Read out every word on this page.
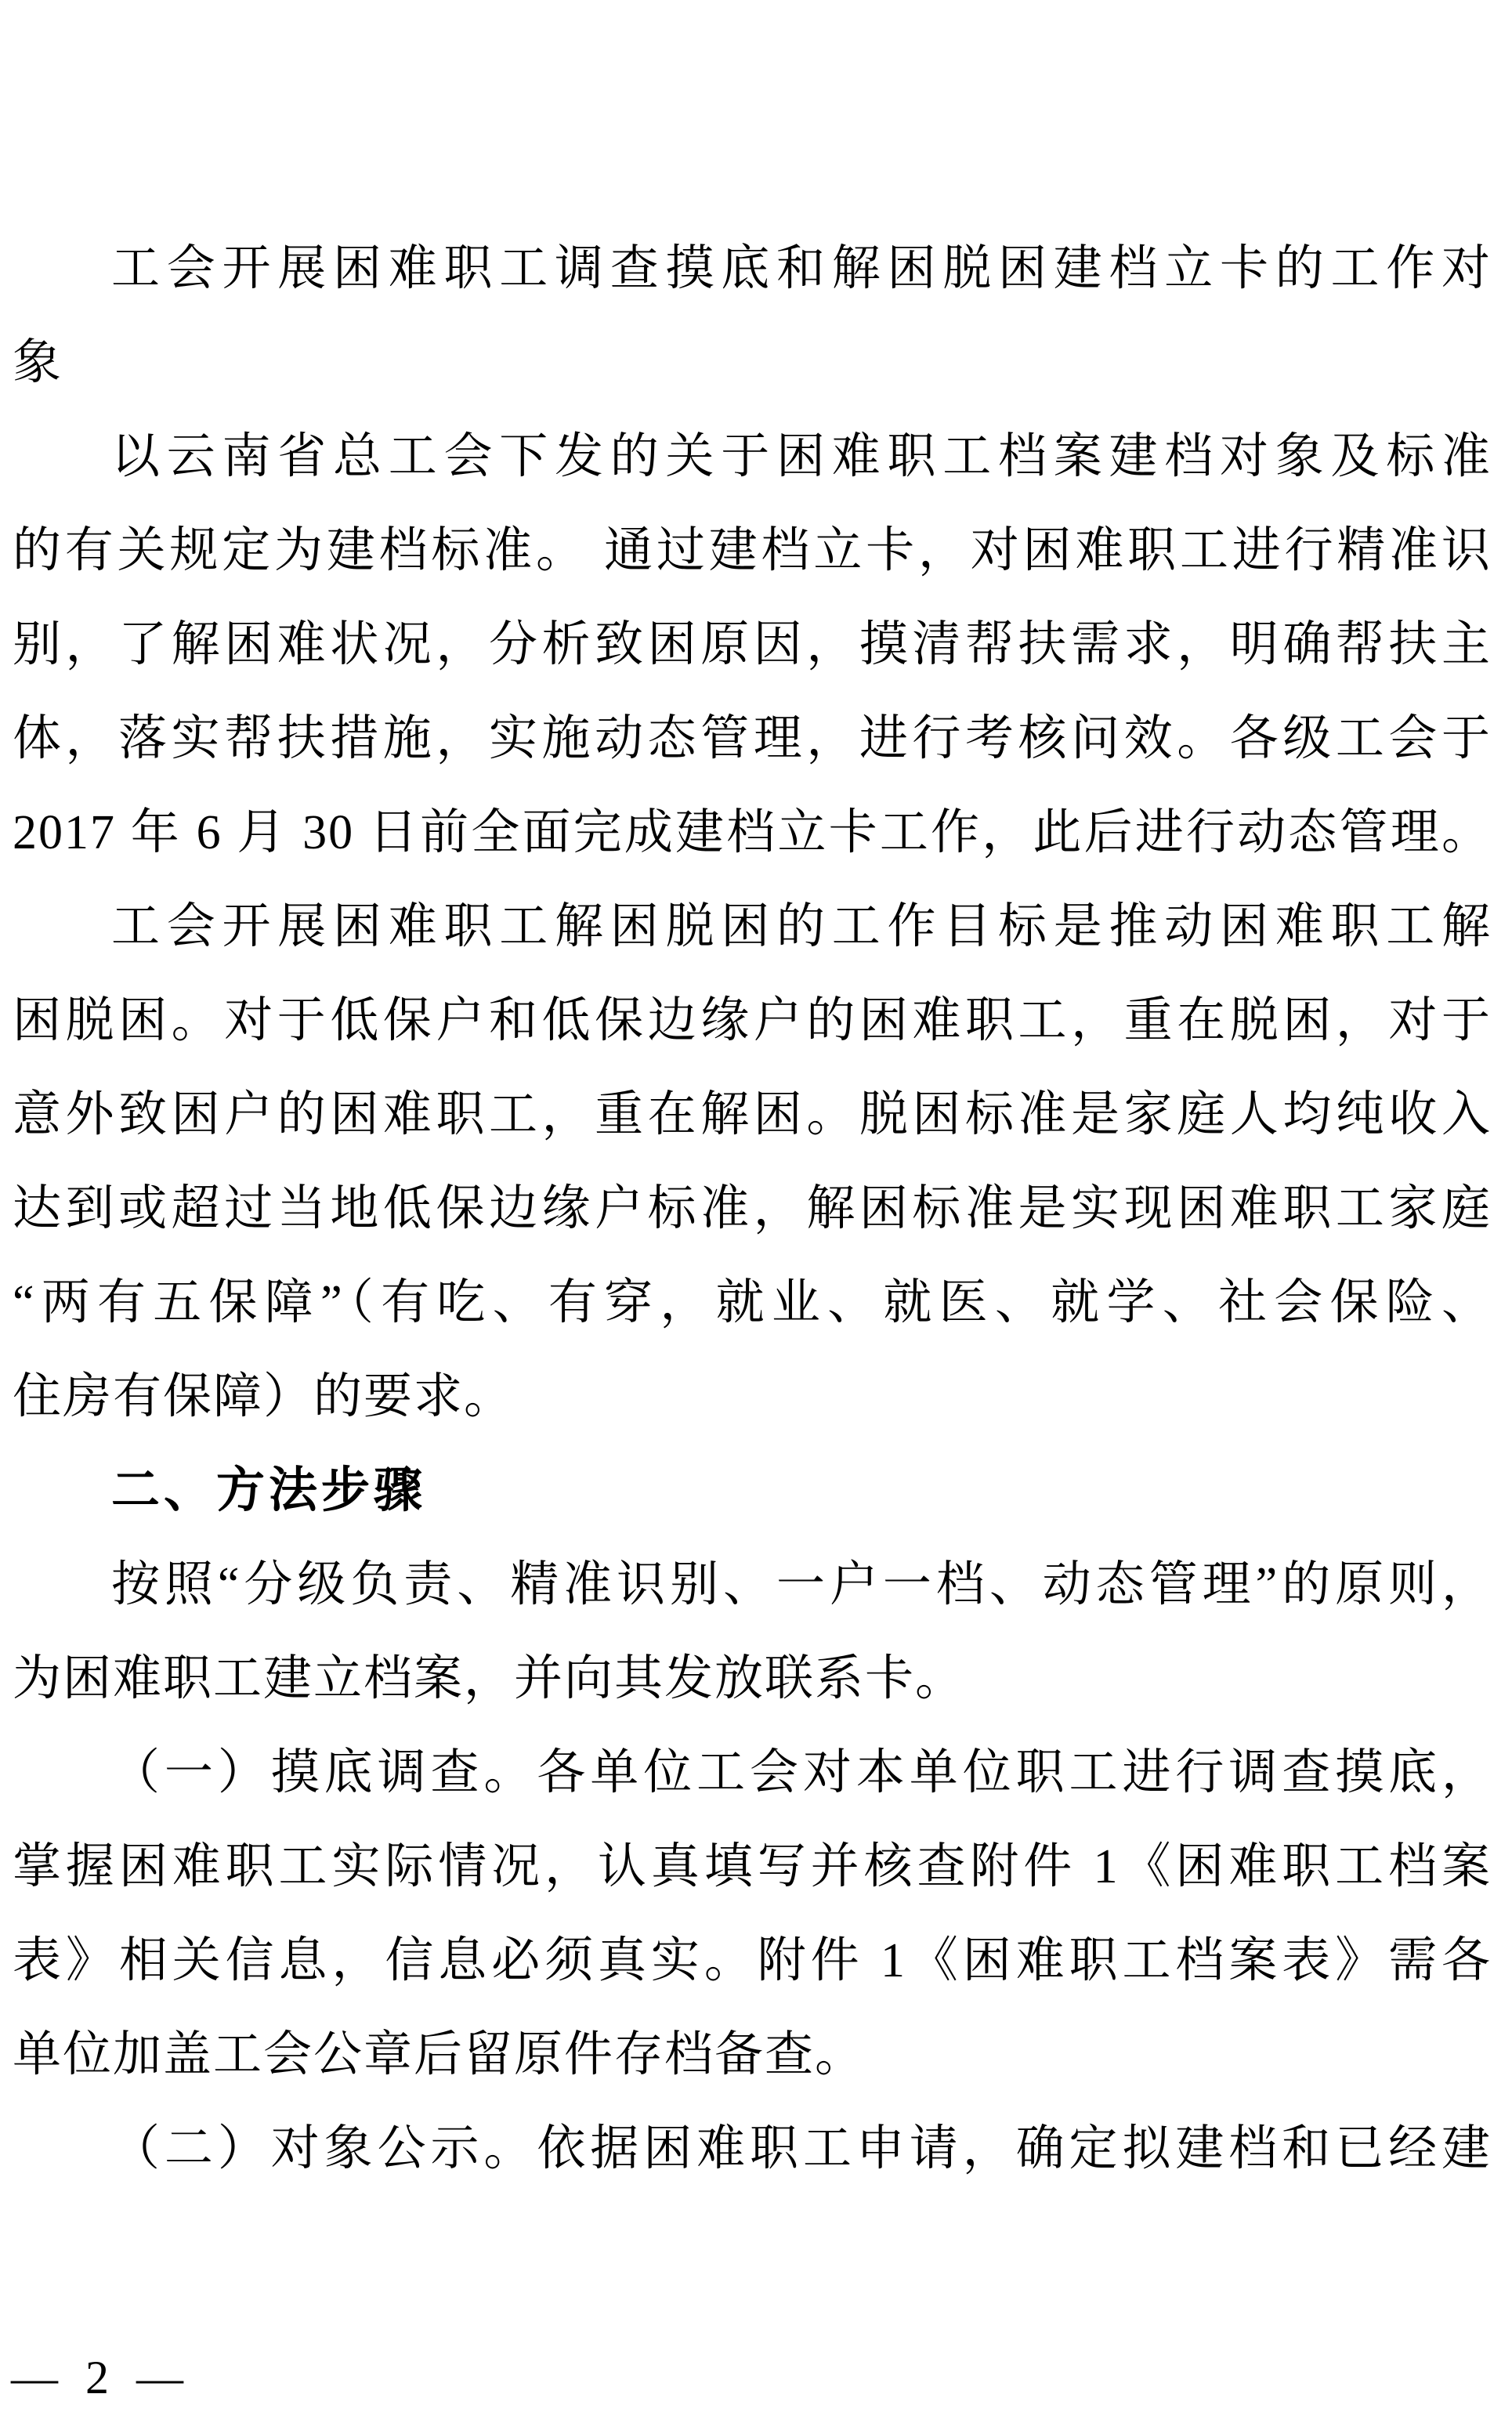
工会开展困难职工调查摸底和解困脱困建档立卡的工作对
象
以云南省总工会下发的关于困难职工档案建档对象及标准
的有关规定为建档标准。 通过建档立卡，对困难职工进行精准识
别，了解困难状况，分析致困原因，摸清帮扶需求，明确帮扶主
体，落实帮扶措施，实施动态管理，进行考核问效。各级工会于
2017 年 6 月 30 日前全面完成建档立卡工作，此后进行动态管理。
工会开展困难职工解困脱困的工作目标是推动困难职工解
困脱困。对于低保户和低保边缘户的困难职工，重在脱困，对于
意外致困户的困难职工，重在解困。脱困标准是家庭人均纯收入
达到或超过当地低保边缘户标准，解困标准是实现困难职工家庭
“两有五保障”（有吃、有穿，就业、就医、就学、社会保险、
住房有保障）的要求。
二、方法步骤
按照“分级负责、精准识别、一户一档、动态管理”的原则，
为困难职工建立档案，并向其发放联系卡。
（一）摸底调查。各单位工会对本单位职工进行调查摸底，
掌握困难职工实际情况，认真填写并核查附件 1《困难职工档案
表》相关信息，信息必须真实。附件 1《困难职工档案表》需各
单位加盖工会公章后留原件存档备查。
（二）对象公示。依据困难职工申请，确定拟建档和已经建
— 2 —
